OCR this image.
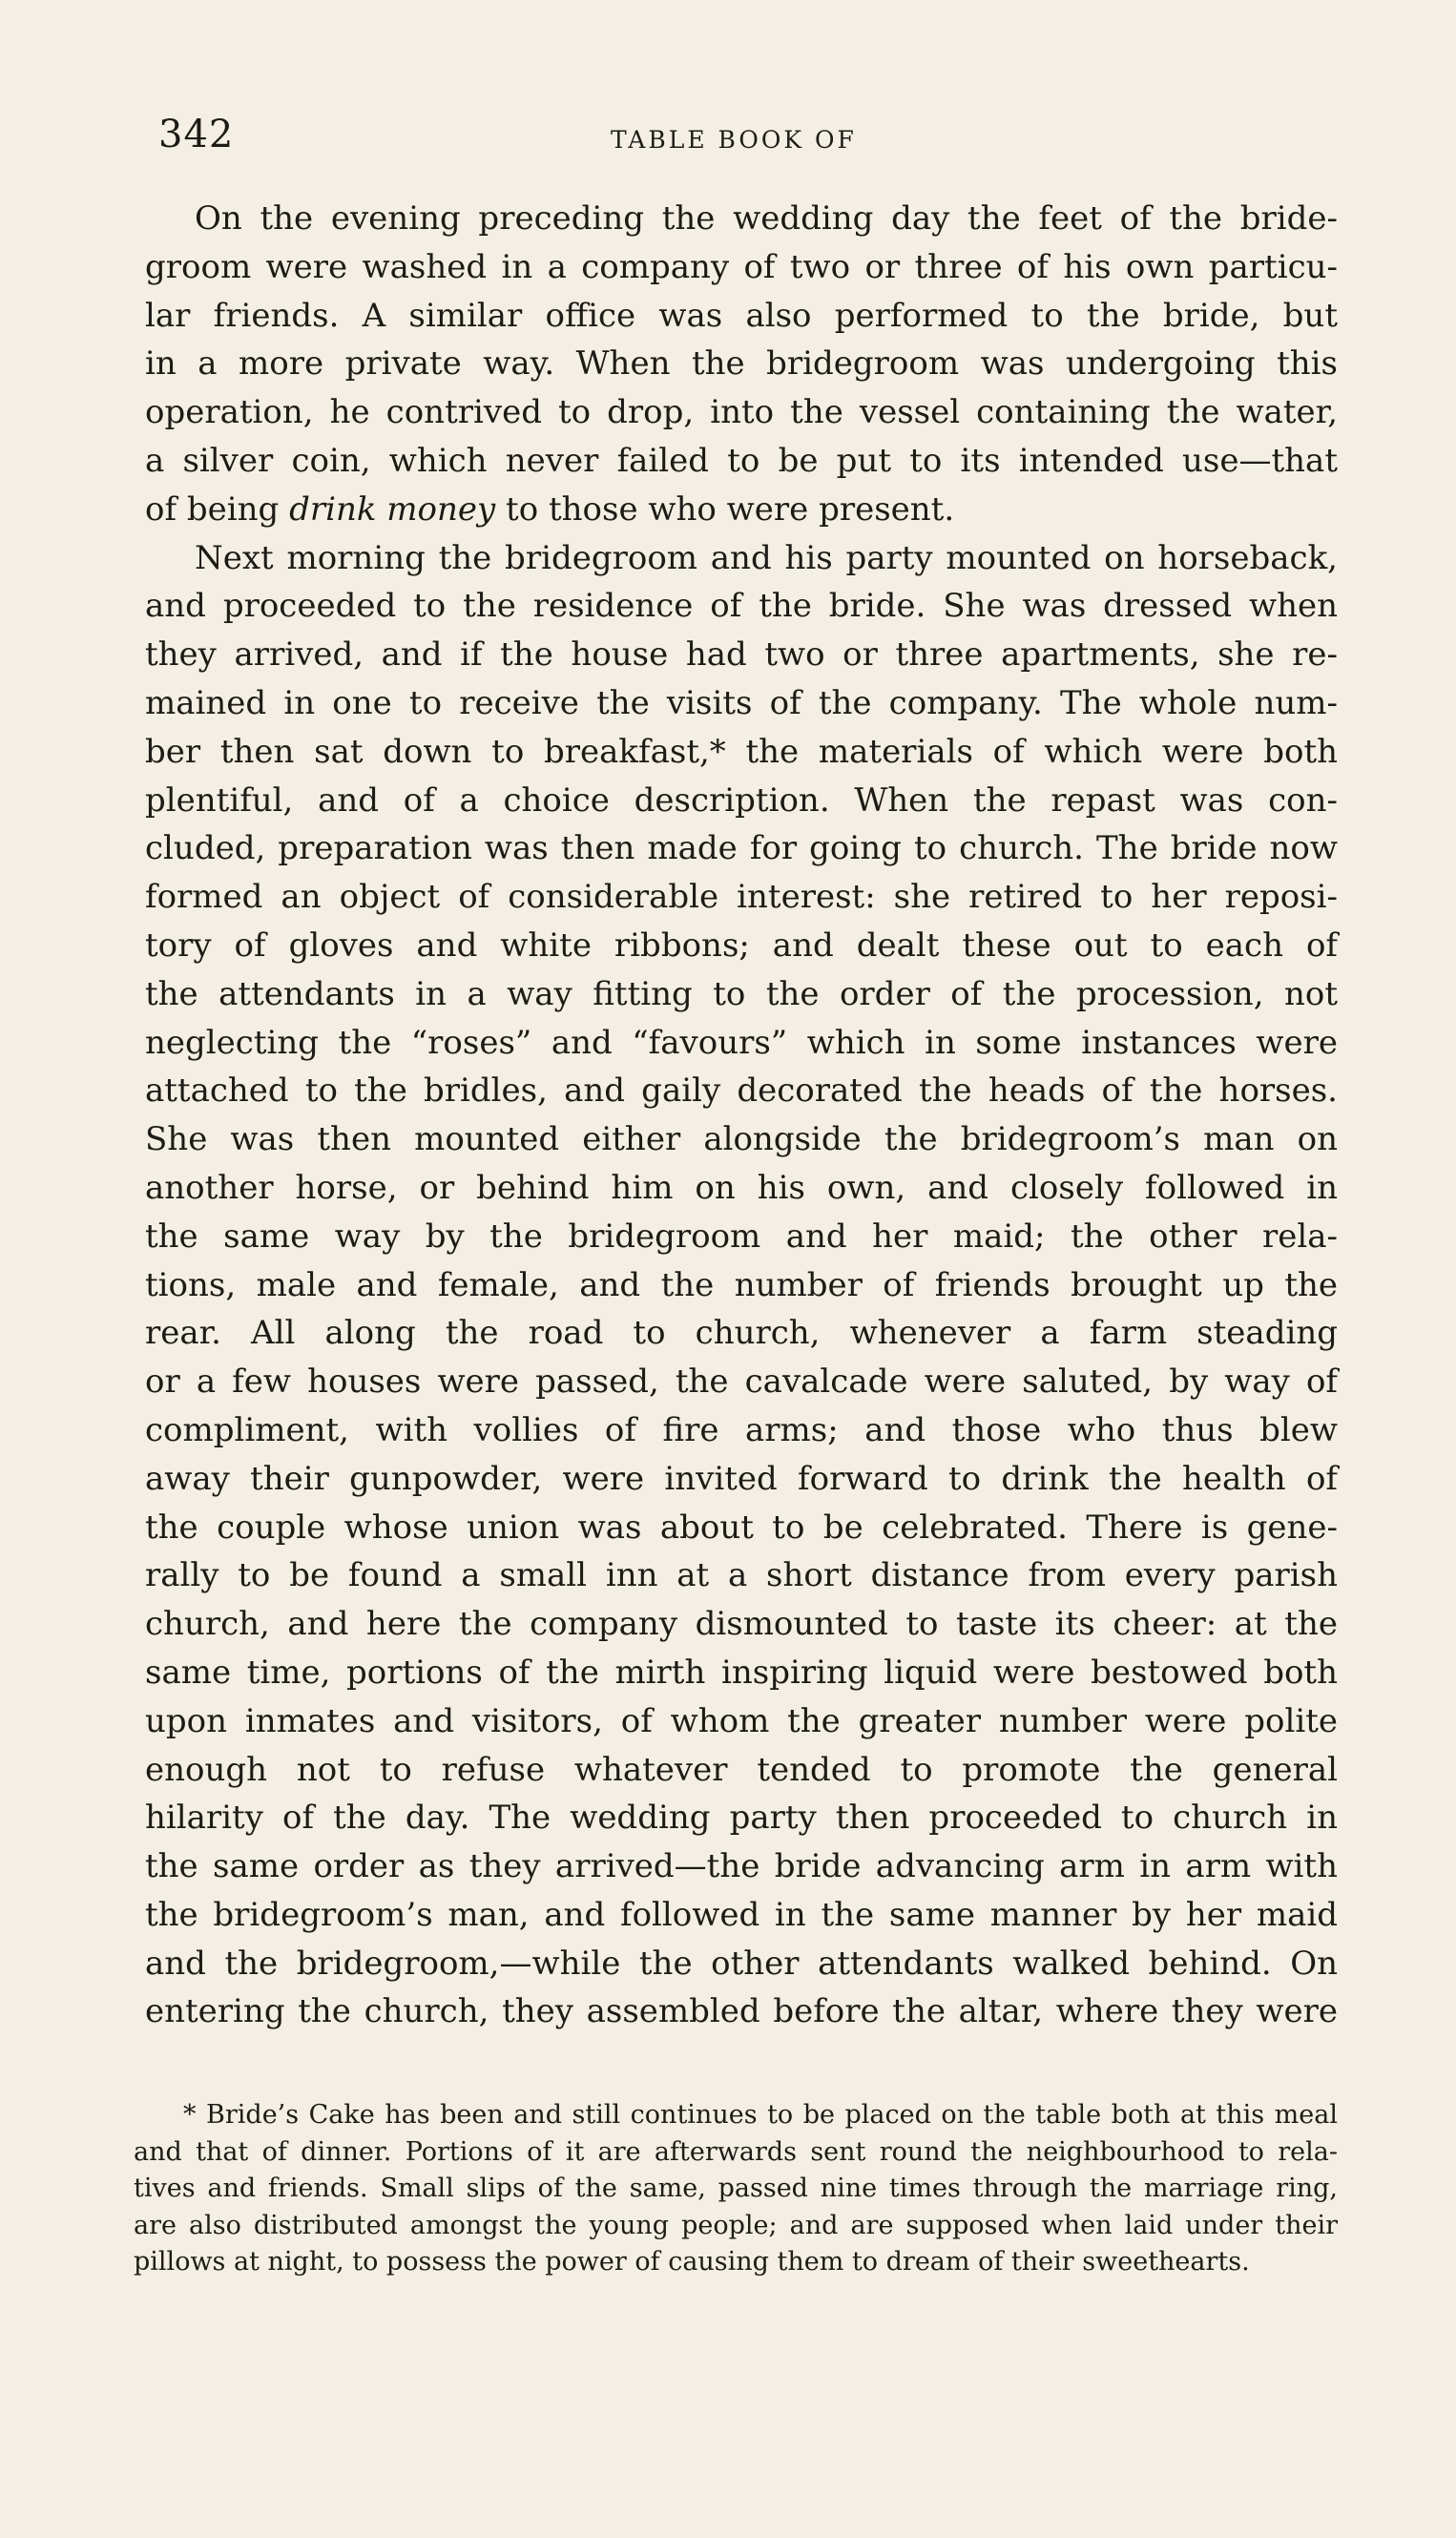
342	TABLE BOOK OF
On the evening preceding the wedding day the feet of the bride-
groom were washed in a company of two or three of his own particu-
lar friends. A similar office was also performed to the bride, but
in a more private way. When the bridegroom was undergoing this
operation, he contrived to drop, into the vessel containing the water,
a silver coin, which never failed to be put to its intended use—that
of being drink money to those who were present.
Next morning the bridegroom and his party mounted on horseback,
and proceeded to the residence of the bride. She was dressed when
they arrived, and if the house had two or three apartments, she re-
mained in one to receive the visits of the company. The whole num-
ber then sat down to breakfast,* the materials of which were both
plentiful, and of a choice description. When the repast was con-
cluded, preparation was then made for going to church. The bride now
formed an object of considerable interest: she retired to her reposi-
tory of gloves and white ribbons; and dealt these out to each of
the attendants in a way fitting to the order of the procession, not
neglecting the “roses” and “favours” which in some instances were
attached to the bridles, and gaily decorated the heads of the horses.
She was then mounted either alongside the bridegroom’s man on
another horse, or behind him on his own, and closely followed in
the same way by the bridegroom and her maid; the other rela-
tions, male and female, and the number of friends brought up the
rear. All along the road to church, whenever a farm steading
or a few houses were passed, the cavalcade were saluted, by way of
compliment, with vollies of fire arms; and those who thus blew
away their gunpowder, were invited forward to drink the health of
the couple whose union was about to be celebrated. There is gene-
rally to be found a small inn at a short distance from every parish
church, and here the company dismounted to taste its cheer: at the
same time, portions of the mirth inspiring liquid were bestowed both
upon inmates and visitors, of whom the greater number were polite
enough not to refuse whatever tended to promote the general
hilarity of the day. The wedding party then proceeded to church in
the same order as they arrived—the bride advancing arm in arm with
the bridegroom’s man, and followed in the same manner by her maid
and the bridegroom,—while the other attendants walked behind. On
entering the church, they assembled before the altar, where they were
* Bride’s Cake has been and still continues to be placed on the table both at this meal
and that of dinner. Portions of it are afterwards sent round the neighbourhood to rela-
tives and friends. Small slips of the same, passed nine times through the marriage ring,
are also distributed amongst the young people; and are supposed when laid under their
pillows at night, to possess the power of causing them to dream of their sweethearts.
